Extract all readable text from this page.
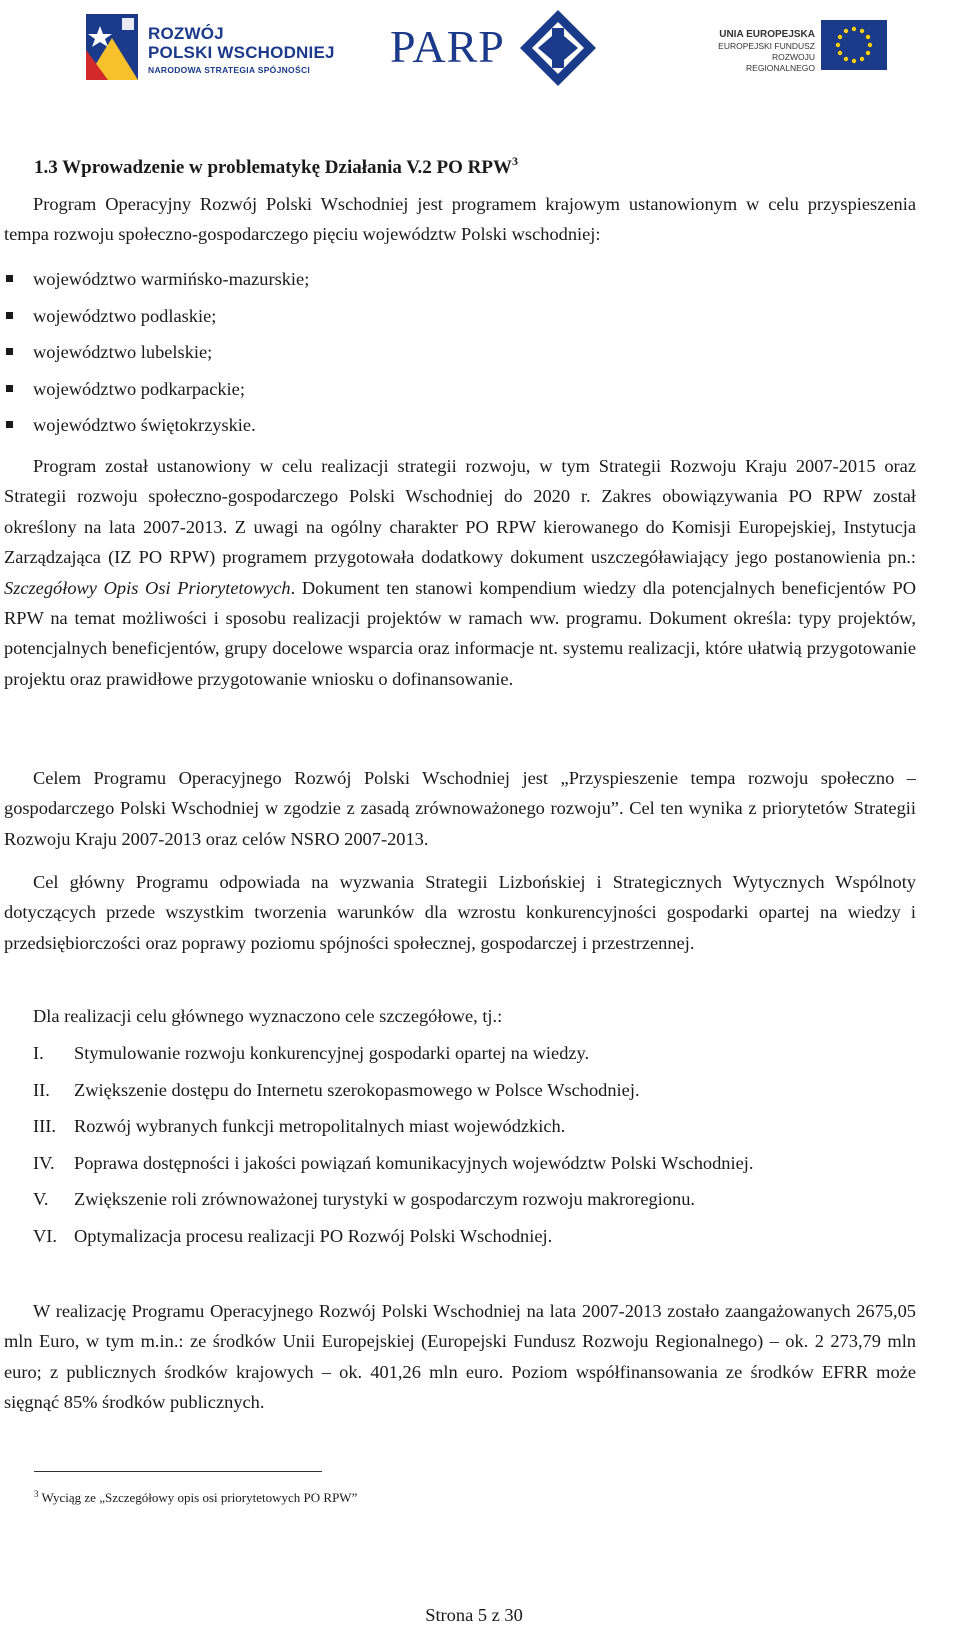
ROZWÓJ
POLSKI WSCHODNIEJ
NARODOWA STRATEGIA SPÓJNOŚCI	PARP	UNIA EUROPEJSKA
EUROPEJSKI FUNDUSZ
ROZWOJU REGIONALNEGO
1.3 Wprowadzenie w problematykę Działania V.2 PO RPW$^3$

Program Operacyjny Rozwój Polski Wschodniej jest programem krajowym ustanowionym w celu przyspieszenia tempa rozwoju społeczno-gospodarczego pięciu województw Polski wschodniej:

województwo warmińsko-mazurskie;
województwo podlaskie;
województwo lubelskie;
województwo podkarpackie;
województwo świętokrzyskie.

Program został ustanowiony w celu realizacji strategii rozwoju, w tym Strategii Rozwoju Kraju 2007-2015 oraz Strategii rozwoju społeczno-gospodarczego Polski Wschodniej do 2020 r. Zakres obowiązywania PO RPW został określony na lata 2007-2013. Z uwagi na ogólny charakter PO RPW kierowanego do Komisji Europejskiej, Instytucja Zarządzająca (IZ PO RPW) programem przygotowała dodatkowy dokument uszczegóławiający jego postanowienia pn.: Szczegółowy Opis Osi Priorytetowych. Dokument ten stanowi kompendium wiedzy dla potencjalnych beneficjentów PO RPW na temat możliwości i sposobu realizacji projektów w ramach ww. programu. Dokument określa: typy projektów, potencjalnych beneficjentów, grupy docelowe wsparcia oraz informacje nt. systemu realizacji, które ułatwią przygotowanie projektu oraz prawidłowe przygotowanie wniosku o dofinansowanie.

Celem Programu Operacyjnego Rozwój Polski Wschodniej jest „Przyspieszenie tempa rozwoju społeczno – gospodarczego Polski Wschodniej w zgodzie z zasadą zrównoważonego rozwoju”. Cel ten wynika z priorytetów Strategii Rozwoju Kraju 2007-2013 oraz celów NSRO 2007-2013.

Cel główny Programu odpowiada na wyzwania Strategii Lizbońskiej i Strategicznych Wytycznych Wspólnoty dotyczących przede wszystkim tworzenia warunków dla wzrostu konkurencyjności gospodarki opartej na wiedzy i przedsiębiorczości oraz poprawy poziomu spójności społecznej, gospodarczej i przestrzennej.

Dla realizacji celu głównego wyznaczono cele szczegółowe, tj.:

I. Stymulowanie rozwoju konkurencyjnej gospodarki opartej na wiedzy.
II. Zwiększenie dostępu do Internetu szerokopasmowego w Polsce Wschodniej.
III. Rozwój wybranych funkcji metropolitalnych miast wojewódzkich.
IV. Poprawa dostępności i jakości powiązań komunikacyjnych województw Polski Wschodniej.
V. Zwiększenie roli zrównoważonej turystyki w gospodarczym rozwoju makroregionu.
VI. Optymalizacja procesu realizacji PO Rozwój Polski Wschodniej.

W realizację Programu Operacyjnego Rozwój Polski Wschodniej na lata 2007-2013 zostało zaangażowanych 2675,05 mln Euro, w tym m.in.: ze środków Unii Europejskiej (Europejski Fundusz Rozwoju Regionalnego) – ok. 2 273,79 mln euro; z publicznych środków krajowych – ok. 401,26 mln euro. Poziom współfinansowania ze środków EFRR może sięgnąć 85% środków publicznych.

$^3$ Wyciąg ze „Szczegółowy opis osi priorytetowych PO RPW”
Strona 5 z 30
